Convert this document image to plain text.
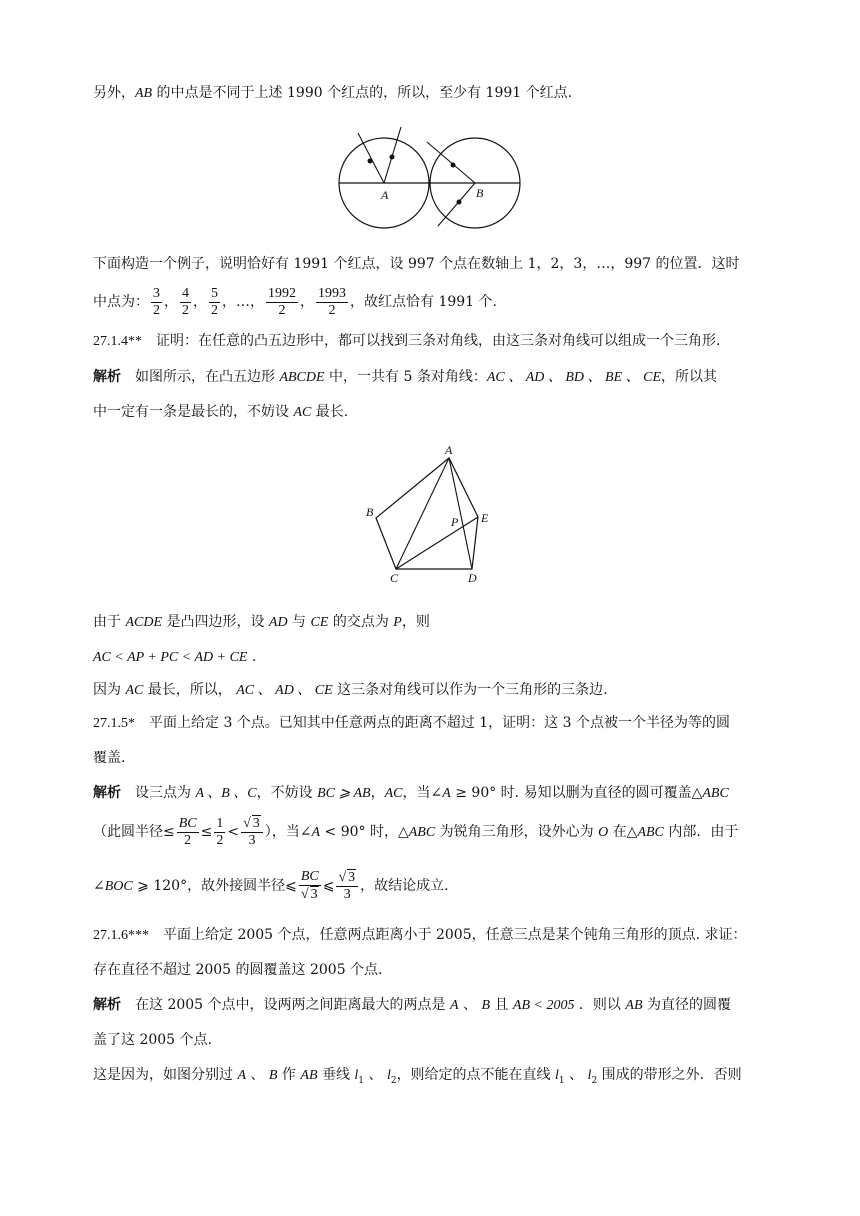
另外，AB 的中点是不同于上述 1990 个红点的，所以，至少有 1991 个红点.
A	B
下面构造一个例子，说明恰好有 1991 个红点，设 997 个点在数轴上 1，2，3，…，997 的位置．这时
中点为： $\frac{3}{2}$ ， $\frac{4}{2}$ ， $\frac{5}{2}$ ，…， $\frac{1992}{2}$ ， $\frac{1993}{2}$ ，故红点恰有 1991 个.
27.1.4**　证明：在任意的凸五边形中，都可以找到三条对角线，由这三条对角线可以组成一个三角形.
解析　如图所示，在凸五边形 ABCDE 中，一共有 5 条对角线：AC 、 AD 、 BD 、 BE 、 CE，所以其
中一定有一条是最长的，不妨设 AC 最长.
A
B
C	D
E
P
由于 ACDE 是凸四边形，设 AD 与 CE 的交点为 P，则
AC < AP + PC < AD + CE .
因为 AC 最长，所以， AC 、 AD 、 CE 这三条对角线可以作为一个三角形的三条边.
27.1.5*　平面上给定 3 个点。已知其中任意两点的距离不超过 1，证明：这 3 个点被一个半径为等的圆
覆盖.
解析　设三点为 A 、B 、C，不妨设 BC ⩾ AB，AC，当∠A ≥ 90° 时. 易知以删为直径的圆可覆盖△ABC
（此圆半径≤ $\frac{BC}{2} \le \frac{1}{2} < \frac{√ 3}{3}$ ），当∠A < 90° 时，△ABC 为锐角三角形，设外心为 O 在△ABC 内部．由于
∠BOC ⩾ 120°，故外接圆半径⩽ $\frac{BC}{√ 3}$ ⩽ $\frac{√ 3}{3}$ ，故结论成立.
27.1.6***　平面上给定 2005 个点，任意两点距离小于 2005，任意三点是某个钝角三角形的顶点. 求证：
存在直径不超过 2005 的圆覆盖这 2005 个点.
解析　在这 2005 个点中，设两两之间距离最大的两点是 A 、 B 且 AB < 2005 ．则以 AB 为直径的圆覆
盖了这 2005 个点.
这是因为，如图分别过 A 、 B 作 AB 垂线 $l_1$ 、 $l_2$，则给定的点不能在直线 $l_1$ 、 $l_2$ 围成的带形之外．否则
